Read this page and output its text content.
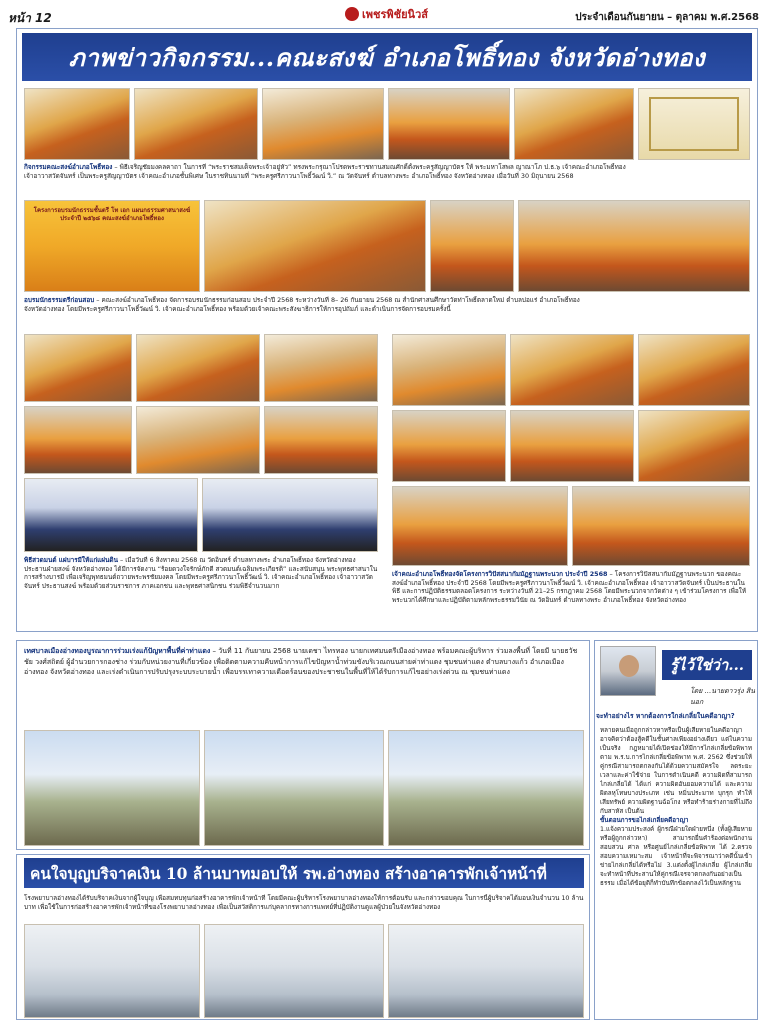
หน้า 12	เพชรพิชัยนิวส์	ประจำเดือนกันยายน – ตุลาคม พ.ศ.2568
ภาพข่าวกิจกรรม...คณะสงฆ์ อำเภอโพธิ์ทอง จังหวัดอ่างทอง
กิจกรรมคณะสงฆ์อำเภอโพธิ์ทอง – พิธีเจริญชัยมงคลคาถา ในการที่ “พระราชสมเด็จพระเจ้าอยู่หัว” ทรงพระกรุณาโปรดพระราชทานสมณศักดิ์ตั้งพระครูสัญญาบัตร ให้ พระมหาโสพล ญาณาโภ ป.ธ.๖ เจ้าคณะอำเภอโพธิ์ทอง
เจ้าอาวาสวัดจันทร์ เป็นพระครูสัญญาบัตร เจ้าคณะอำเภอชั้นพิเศษ ในราชทินนามที่ “พระครูศรีภาวนาโพธิ์วัฒน์ วิ.” ณ วัดจันทร์ ตำบลทางพระ อำเภอโพธิ์ทอง จังหวัดอ่างทอง เมื่อวันที่ 30 มิถุนายน 2568
โครงการอบรมนักธรรมชั้นตรี โท เอก แผนกธรรมศาสนาสงฆ์ ประจำปี ๒๕๖๘ คณะสงฆ์อำเภอโพธิ์ทอง
อบรมนักธรรมตรีก่อนสอบ – คณะสงฆ์อำเภอโพธิ์ทอง จัดการอบรมนักธรรมก่อนสอบ ประจำปี 2568 ระหว่างวันที่ 8– 26 กันยายน 2568 ณ สำนักศาสนศึกษาวัดท่าโพธิ์ตลาดใหม่ ตำบลบ่อแร่ อำเภอโพธิ์ทอง
จังหวัดอ่างทอง โดยมีพระครูศรีภาวนาโพธิ์วัฒน์ วิ. เจ้าคณะอำเภอโพธิ์ทอง พร้อมด้วยเจ้าคณะพระสังฆาธิการให้การอุปถัมภ์ และดำเนินการจัดการอบรมครั้งนี้
พิธีสวดมนต์ แผ่บารมีให้แก่แผ่นดิน – เมื่อวันที่ 6 สิงหาคม 2568 ณ วัดอินทร์ ตำบลทางพระ อำเภอโพธิ์ทอง จังหวัดอ่างทอง ประธานฝ่ายสงฆ์ จังหวัดอ่างทอง ได้มีการจัดงาน “ร้อยดวงใจรักษ์ภักดี สวดมนต์เฉลิมพระเกียรติ” และสนับสนุน พระพุทธศาสนาในการสร้างบารมี เพื่อเจริญพุทธมนต์ถวายพระพรชัยมงคล โดยมีพระครูศรีภาวนาโพธิ์วัฒน์ วิ. เจ้าคณะอำเภอโพธิ์ทอง เจ้าอาวาสวัดจันทร์ ประธานสงฆ์ พร้อมด้วยส่วนราชการ ภาคเอกชน และพุทธศาสนิกชน ร่วมพิธีจำนวนมาก
เจ้าคณะอำเภอโพธิ์ทองจัดโครงการวิปัสสนากัมมัฏฐานพระนวก ประจำปี 2568 – โครงการวิปัสสนากัมมัฏฐานพระนวก ของคณะสงฆ์อำเภอโพธิ์ทอง ประจำปี 2568 โดยมีพระครูศรีภาวนาโพธิ์วัฒน์ วิ. เจ้าคณะอำเภอโพธิ์ทอง เจ้าอาวาสวัดจันทร์ เป็นประธานในพิธี และการปฏิบัติธรรมตลอดโครงการ ระหว่างวันที่ 21–25 กรกฎาคม 2568 โดยมีพระนวกจากวัดต่าง ๆ เข้าร่วมโครงการ เพื่อให้พระนวกได้ศึกษาและปฏิบัติตามหลักพระธรรมวินัย ณ วัดอินทร์ ตำบลทางพระ อำเภอโพธิ์ทอง จังหวัดอ่างทอง
เทศบาลเมืองอ่างทองบูรณาการร่วมเร่งแก้ปัญหาพื้นที่ค่าท่าแดง – วันที่ 11 กันยายน 2568 นายเดชา ไทรทอง นายกเทศมนตรีเมืองอ่างทอง พร้อมคณะผู้บริหาร ร่วมลงพื้นที่ โดยมี นายธวัชชัย วงศ์สถิตย์ ผู้อำนวยการกองช่าง ร่วมกับหน่วยงานที่เกี่ยวข้อง เพื่อติดตามความคืบหน้าการแก้ไขปัญหาน้ำท่วมขังบริเวณถนนสายค่าท่าแดง ชุมชนท่าแดง ตำบลบางแก้ว อำเภอเมืองอ่างทอง จังหวัดอ่างทอง และเร่งดำเนินการปรับปรุงระบบระบายน้ำ เพื่อบรรเทาความเดือดร้อนของประชาชนในพื้นที่ให้ได้รับการแก้ไขอย่างเร่งด่วน ณ ชุมชนท่าแดง
คนใจบุญบริจาคเงิน 10 ล้านบาทมอบให้ รพ.อ่างทอง สร้างอาคารพักเจ้าหน้าที่
โรงพยาบาลอ่างทองได้รับบริจาคเงินจากผู้ใจบุญ เพื่อสมทบทุนก่อสร้างอาคารพักเจ้าหน้าที่ โดยมีคณะผู้บริหารโรงพยาบาลอ่างทองให้การต้อนรับ และกล่าวขอบคุณ ในการนี้ผู้บริจาคได้มอบเงินจำนวน 10 ล้านบาท เพื่อใช้ในการก่อสร้างอาคารพักเจ้าหน้าที่ของโรงพยาบาลอ่างทอง เพื่อเป็นสวัสดิการแก่บุคลากรทางการแพทย์ที่ปฏิบัติงานดูแลผู้ป่วยในจังหวัดอ่างทอง
รู้ไว้ใช่ว่า...
โดย ...นายดาวรุ่ง สินนอก
จะทำอย่างไร หากต้องการใกล่เกลี่ยในคดีอาญา?
หลายคนเมื่อถูกกล่าวหาหรือเป็นผู้เสียหายในคดีอาญา อาจคิดว่าต้องสู้คดีในชั้นศาลเพียงอย่างเดียว แต่ในความเป็นจริง กฎหมายได้เปิดช่องให้มีการไกล่เกลี่ยข้อพิพาท ตาม พ.ร.บ.การไกล่เกลี่ยข้อพิพาท พ.ศ. 2562 ซึ่งช่วยให้คู่กรณีสามารถตกลงกันได้ด้วยความสมัครใจ ลดระยะเวลาและค่าใช้จ่าย ในการดำเนินคดี ความผิดที่สามารถไกล่เกลี่ยได้ ได้แก่ ความผิดอันยอมความได้ และความผิดลหุโทษบางประเภท เช่น หมิ่นประมาท บุกรุก ทำให้เสียทรัพย์ ความผิดฐานฉ้อโกง หรือทำร้ายร่างกายที่ไม่ถึงกับสาหัส เป็นต้น
ขั้นตอนการขอไกล่เกลี่ยคดีอาญา
1.แจ้งความประสงค์ ผู้กรณีฝ่ายใดฝ่ายหนึ่ง (ทั้งผู้เสียหายหรือผู้ถูกกล่าวหา) สามารถยื่นคำร้องต่อพนักงานสอบสวน ศาล หรือศูนย์ไกล่เกลี่ยข้อพิพาท ได้ 2.ตรวจสอบความเหมาะสม เจ้าหน้าที่จะพิจารณาว่าคดีนั้นเข้าข่ายไกล่เกลี่ยได้หรือไม่ 3.แต่งตั้งผู้ไกล่เกลี่ย ผู้ไกล่เกลี่ยจะทำหน้าที่ประสานให้คู่กรณีเจรจาตกลงกันอย่างเป็นธรรม เมื่อได้ข้อยุติก็ทำบันทึกข้อตกลงไว้เป็นหลักฐาน
